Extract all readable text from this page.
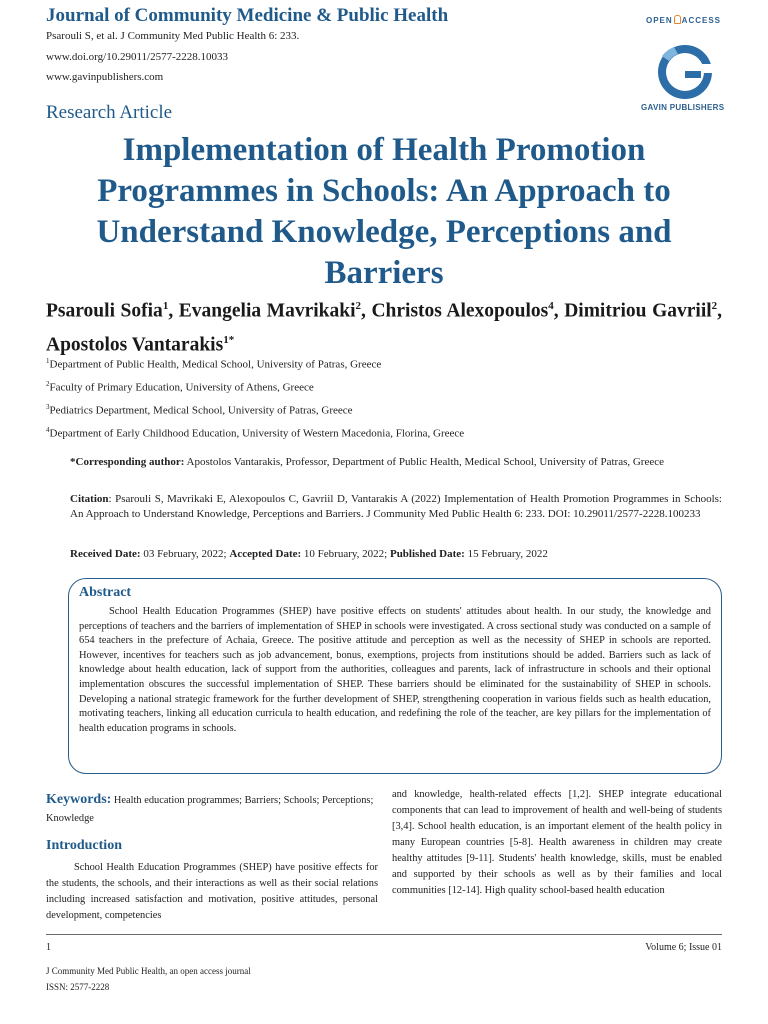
Journal of Community Medicine & Public Health
Psarouli S, et al. J Community Med Public Health 6: 233.
www.doi.org/10.29011/2577-2228.10033
www.gavinpublishers.com
OPEN ACCESS
GAVIN PUBLISHERS
Research Article
Implementation of Health Promotion Programmes in Schools: An Approach to Understand Knowledge, Perceptions and Barriers
Psarouli Sofia$^1$, Evangelia Mavrikaki$^2$, Christos Alexopoulos$^4$, Dimitriou Gavriil$^2$, Apostolos Vantarakis$^{1*}$
$^1$Department of Public Health, Medical School, University of Patras, Greece
$^2$Faculty of Primary Education, University of Athens, Greece
$^3$Pediatrics Department, Medical School, University of Patras, Greece
$^4$Department of Early Childhood Education, University of Western Macedonia, Florina, Greece
*Corresponding author: Apostolos Vantarakis, Professor, Department of Public Health, Medical School, University of Patras, Greece
Citation: Psarouli S, Mavrikaki E, Alexopoulos C, Gavriil D, Vantarakis A (2022) Implementation of Health Promotion Programmes in Schools: An Approach to Understand Knowledge, Perceptions and Barriers. J Community Med Public Health 6: 233. DOI: 10.29011/2577-2228.100233
Received Date: 03 February, 2022; Accepted Date: 10 February, 2022; Published Date: 15 February, 2022
Abstract

School Health Education Programmes (SHEP) have positive effects on students' attitudes about health. In our study, the knowledge and perceptions of teachers and the barriers of implementation of SHEP in schools were investigated. A cross sectional study was conducted on a sample of 654 teachers in the prefecture of Achaia, Greece. The positive attitude and perception as well as the necessity of SHEP in schools are reported. However, incentives for teachers such as job advancement, bonus, exemptions, projects from institutions should be added. Barriers such as lack of knowledge about health education, lack of support from the authorities, colleagues and parents, lack of infrastructure in schools and their optional implementation obscures the successful implementation of SHEP. These barriers should be eliminated for the sustainability of SHEP in schools. Developing a national strategic framework for the further development of SHEP, strengthening cooperation in various fields such as health education, motivating teachers, linking all education curricula to health education, and redefining the role of the teacher, are key pillars for the implementation of health education programs in schools.

Keywords: Health education programmes; Barriers; Schools; Perceptions; Knowledge
Introduction

School Health Education Programmes (SHEP) have positive effects for the students, the schools, and their interactions as well as their social relations including increased satisfaction and motivation, positive attitudes, personal development, competencies

and knowledge, health-related effects [1,2]. SHEP integrate educational components that can lead to improvement of health and well-being of students [3,4]. School health education, is an important element of the health policy in many European countries [5-8]. Health awareness in children may create healthy attitudes [9-11]. Students' health knowledge, skills, must be enabled and supported by their schools as well as by their families and local communities [12-14]. High quality school-based health education

1	Volume 6; Issue 01
J Community Med Public Health, an open access journal
ISSN: 2577-2228
